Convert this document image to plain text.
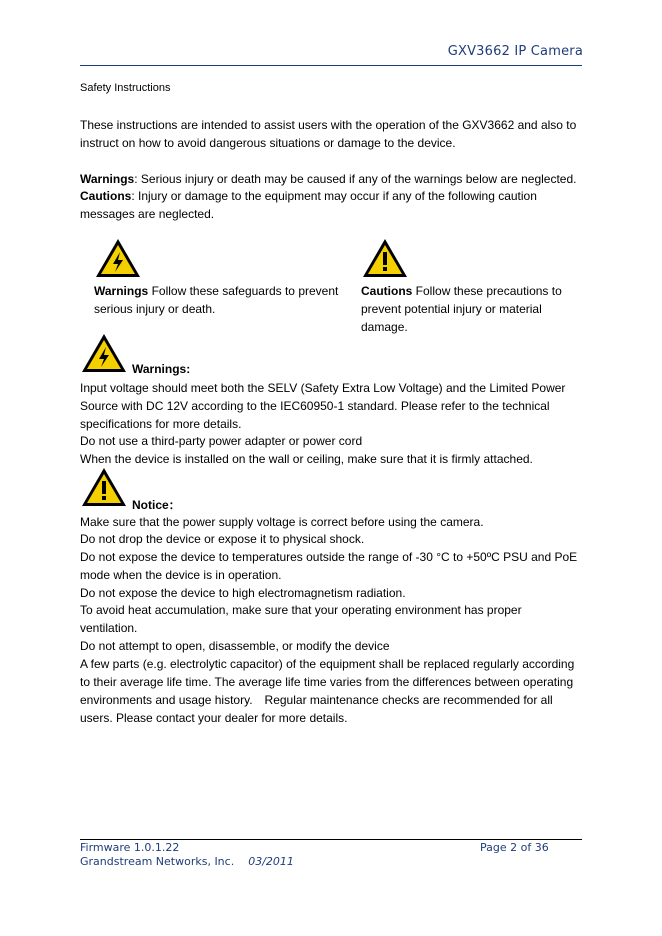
GXV3662 IP Camera

Safety Instructions

These instructions are intended to assist users with the operation of the GXV3662 and also to instruct on how to avoid dangerous situations or damage to the device.

Warnings: Serious injury or death may be caused if any of the warnings below are neglected.

Cautions: Injury or damage to the equipment may occur if any of the following caution messages are neglected.

Warnings Follow these safeguards to prevent serious injury or death.
Cautions Follow these precautions to prevent potential injury or material damage.
Warnings:

Input voltage should meet both the SELV (Safety Extra Low Voltage) and the Limited Power Source with DC 12V according to the IEC60950-1 standard. Please refer to the technical specifications for more details.

Do not use a third-party power adapter or power cord

When the device is installed on the wall or ceiling, make sure that it is firmly attached.

Notice：

Make sure that the power supply voltage is correct before using the camera.

Do not drop the device or expose it to physical shock.

Do not expose the device to temperatures outside the range of -30 °C to +50ºC PSU and PoE mode when the device is in operation.

Do not expose the device to high electromagnetism radiation.

To avoid heat accumulation, make sure that your operating environment has proper ventilation.

Do not attempt to open, disassemble, or modify the device

A few parts (e.g. electrolytic capacitor) of the equipment shall be replaced regularly according to their average life time. The average life time varies from the differences between operating environments and usage history.　Regular maintenance checks are recommended for all users. Please contact your dealer for more details.

Firmware 1.0.1.22	Page 2 of 36
Grandstream Networks, Inc. 03/2011
